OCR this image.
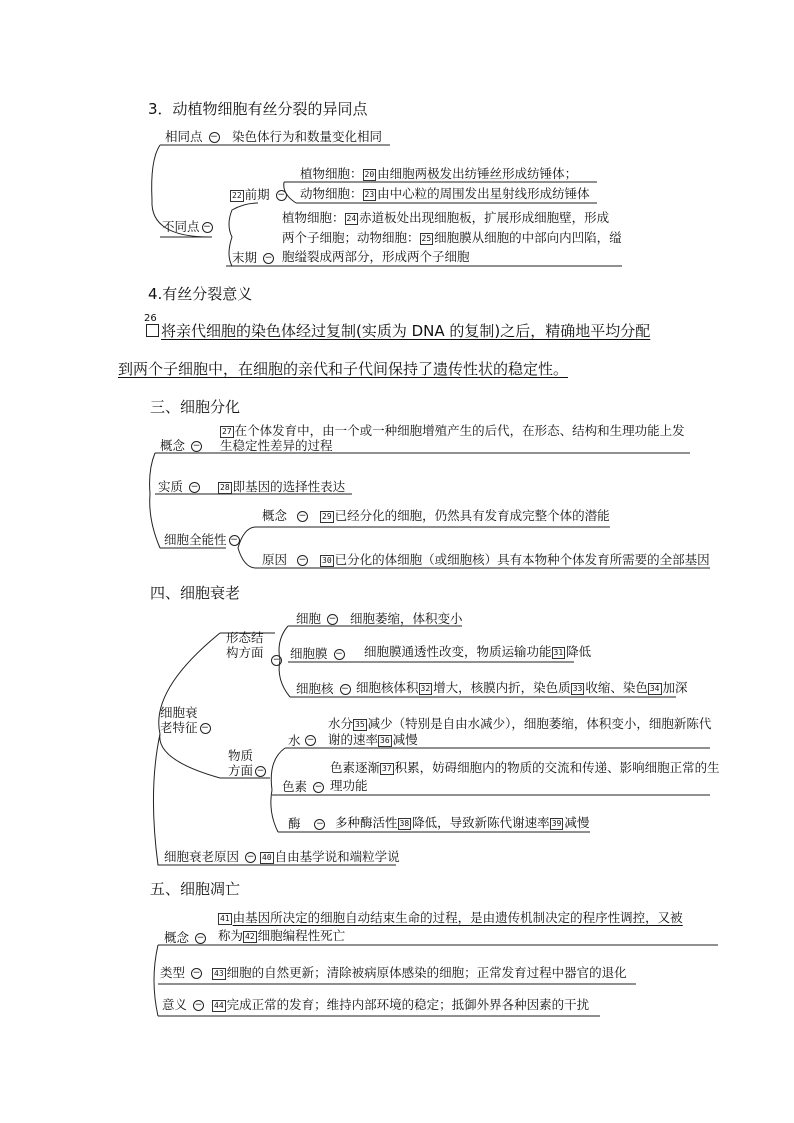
3．动植物细胞有丝分裂的异同点
相同点 −	染色体行为和数量变化相同
不同点−
22 前期 −
植物细胞： 20 由细胞两极发出纺锤丝形成纺锤体；
动物细胞： 23 由中心粒的周围发出星射线形成纺锤体
末期 −
植物细胞： 24 赤道板处出现细胞板，扩展形成细胞壁，形成
两个子细胞；动物细胞： 25 细胞膜从细胞的中部向内凹陷，缢
胞缢裂成两部分，形成两个子细胞
4.有丝分裂意义
26
将亲代细胞的染色体经过复制(实质为 DNA 的复制)之后，精确地平均分配
到两个子细胞中，在细胞的亲代和子代间保持了遗传性状的稳定性。
三、细胞分化
概念 −
27 在个体发育中，由一个或一种细胞增殖产生的后代，在形态、结构和生理功能上发
生稳定性差异的过程
实质 −	28 即基因的选择性表达
细胞全能性−
概念 −	29 已经分化的细胞，仍然具有发育成完整个体的潜能
原因 −	30 已分化的体细胞（或细胞核）具有本物种个体发育所需要的全部基因
四、细胞衰老
细胞衰
老特征−
形态结
构方面
−
细胞 −	细胞萎缩，体积变小
细胞膜 −	细胞膜通透性改变，物质运输功能 31 降低
细胞核 −	细胞核体积 32 增大，核膜内折，染色质 33 收缩、染色 34 加深
物质
方面−
水
−
水分 35 减少（特别是自由水减少），细胞萎缩，体积变小，细胞新陈代
谢的速率 36 减慢
色素 −
色素逐渐 37 积累，妨碍细胞内的物质的交流和传递、影响细胞正常的生
理功能
酶 −	多种酶活性 38 降低，导致新陈代谢速率 39 减慢
细胞衰老原因 −	40 自由基学说和端粒学说
五、细胞凋亡
概念 −
41 由基因所决定的细胞自动结束生命的过程，是由遗传机制决定的程序性调控，又被
称为 42 细胞编程性死亡
类型 −	43 细胞的自然更新；清除被病原体感染的细胞；正常发育过程中器官的退化
意义 −	44 完成正常的发育；维持内部环境的稳定；抵御外界各种因素的干扰
